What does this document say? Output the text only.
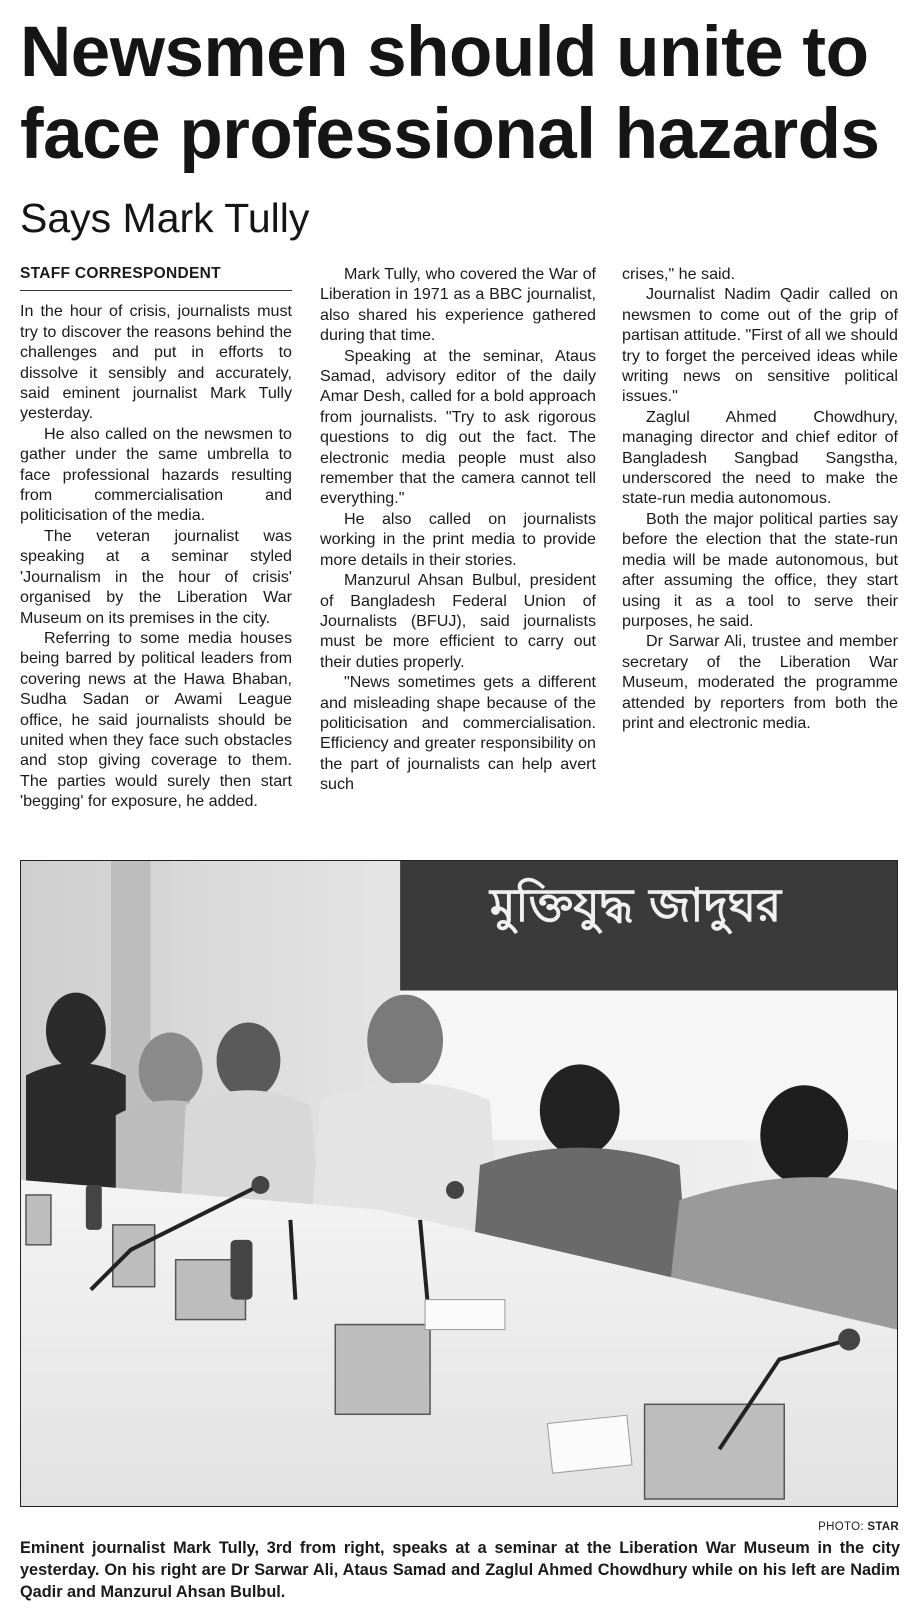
Newsmen should unite to face professional hazards
Says Mark Tully
STAFF CORRESPONDENT

In the hour of crisis, journalists must try to discover the reasons behind the challenges and put in efforts to dissolve it sensibly and accurately, said eminent journalist Mark Tully yesterday.

He also called on the newsmen to gather under the same umbrella to face professional hazards resulting from commercialisation and politicisation of the media.

The veteran journalist was speaking at a seminar styled 'Journalism in the hour of crisis' organised by the Liberation War Museum on its premises in the city.

Referring to some media houses being barred by political leaders from covering news at the Hawa Bhaban, Sudha Sadan or Awami League office, he said journalists should be united when they face such obstacles and stop giving coverage to them. The parties would surely then start 'begging' for exposure, he added.

Mark Tully, who covered the War of Liberation in 1971 as a BBC journalist, also shared his experience gathered during that time.

Speaking at the seminar, Ataus Samad, advisory editor of the daily Amar Desh, called for a bold approach from journalists. "Try to ask rigorous questions to dig out the fact. The electronic media people must also remember that the camera cannot tell everything."

He also called on journalists working in the print media to provide more details in their stories.

Manzurul Ahsan Bulbul, president of Bangladesh Federal Union of Journalists (BFUJ), said journalists must be more efficient to carry out their duties properly.

"News sometimes gets a different and misleading shape because of the politicisation and commercialisation. Efficiency and greater responsibility on the part of journalists can help avert such

crises," he said.

Journalist Nadim Qadir called on newsmen to come out of the grip of partisan attitude. "First of all we should try to forget the perceived ideas while writing news on sensitive political issues."

Zaglul Ahmed Chowdhury, managing director and chief editor of Bangladesh Sangbad Sangstha, underscored the need to make the state-run media autonomous.

Both the major political parties say before the election that the state-run media will be made autonomous, but after assuming the office, they start using it as a tool to serve their purposes, he said.

Dr Sarwar Ali, trustee and member secretary of the Liberation War Museum, moderated the programme attended by reporters from both the print and electronic media.

মুক্তিযুদ্ধ জাদুঘর
PHOTO: STAR

Eminent journalist Mark Tully, 3rd from right, speaks at a seminar at the Liberation War Museum in the city yesterday. On his right are Dr Sarwar Ali, Ataus Samad and Zaglul Ahmed Chowdhury while on his left are Nadim Qadir and Manzurul Ahsan Bulbul.
